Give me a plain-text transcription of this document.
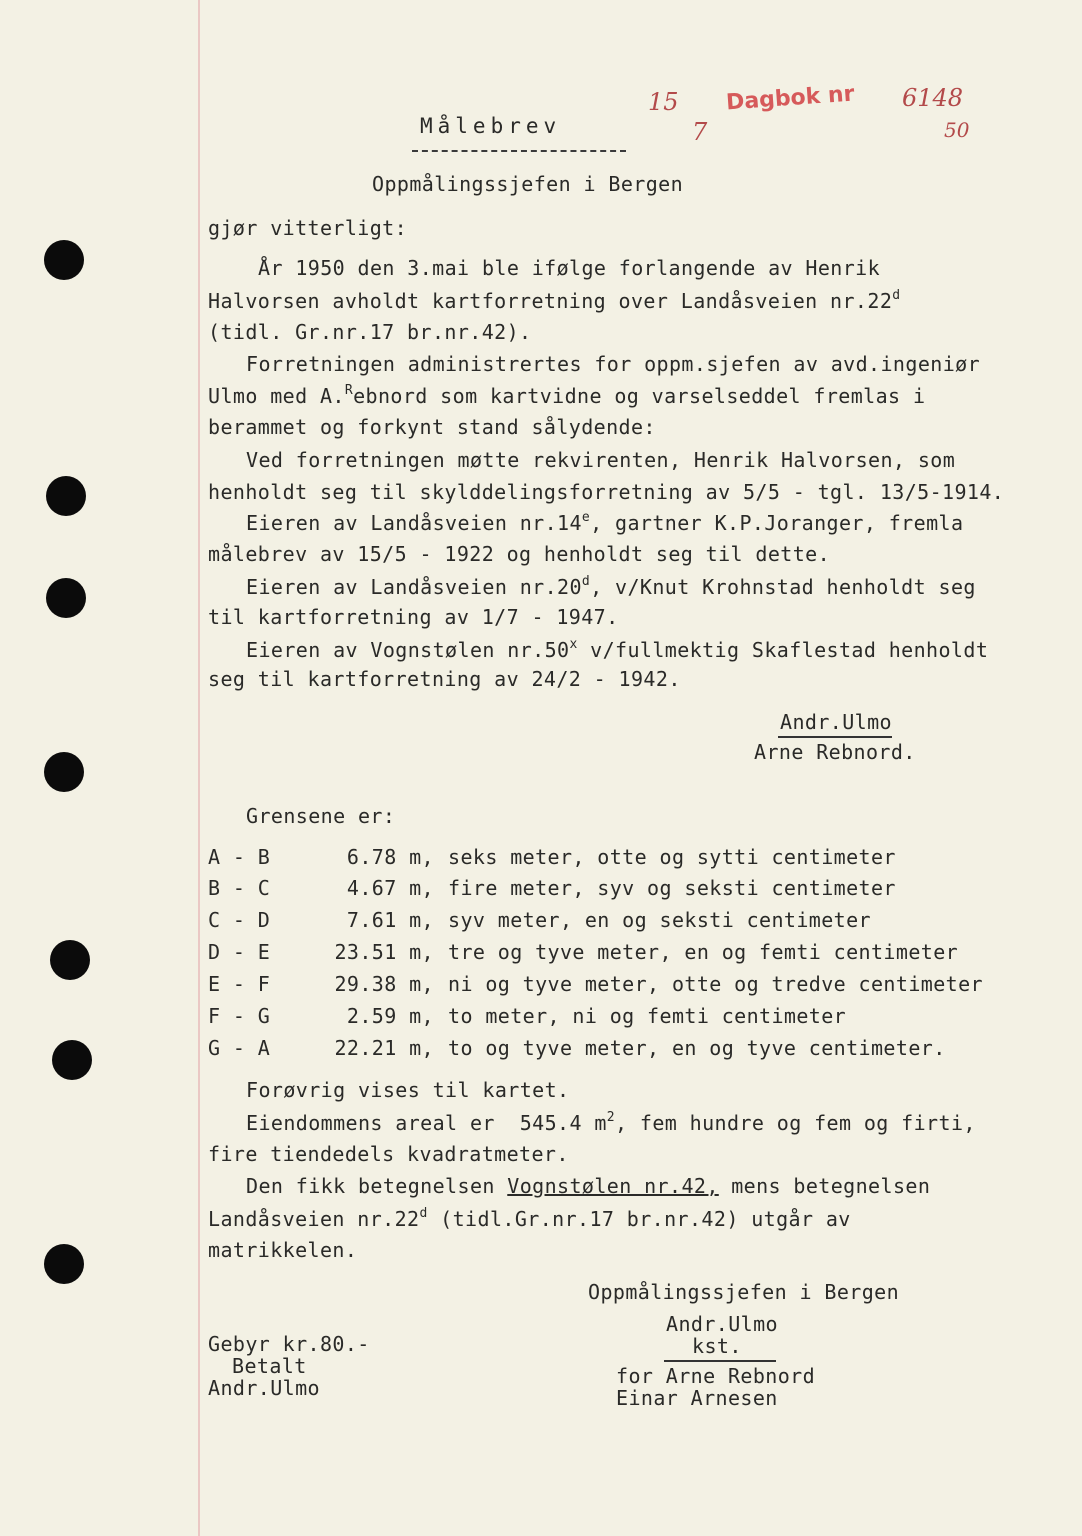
Målebrev
15
7
Dagbok nr 6148
50
Oppmålingssjefen i Bergen
gjør vitterligt:
År 1950 den 3.mai ble ifølge forlangende av Henrik
Halvorsen avholdt kartforretning over Landåsveien nr.22$^d$
(tidl. Gr.nr.17 br.nr.42).
Forretningen administrertes for oppm.sjefen av avd.ingeniør
Ulmo med A.$^R$ebnord som kartvidne og varselseddel fremlas i
berammet og forkynt stand sålydende:
Ved forretningen møtte rekvirenten, Henrik Halvorsen, som
henholdt seg til skylddelingsforretning av 5/5 - tgl. 13/5-1914.
Eieren av Landåsveien nr.14e, gartner K.P.Joranger, fremla
målebrev av 15/5 - 1922 og henholdt seg til dette.
Eieren av Landåsveien nr.20$^d$, v/Knut Krohnstad henholdt seg
til kartforretning av 1/7 - 1947.
Eieren av Vognstølen nr.50$^x$ v/fullmektig Skaflestad henholdt
seg til kartforretning av 24/2 - 1942.
Andr.Ulmo
Arne Rebnord.
Grensene er:
A - B	6.78 m, seks meter, otte og sytti centimeter
B - C	4.67 m, fire meter, syv og seksti centimeter
C - D	7.61 m, syv meter, en og seksti centimeter
D - E	23.51 m, tre og tyve meter, en og femti centimeter
E - F	29.38 m, ni og tyve meter, otte og tredve centimeter
F - G	2.59 m, to meter, ni og femti centimeter
G - A	22.21 m, to og tyve meter, en og tyve centimeter.
Forøvrig vises til kartet.
Eiendommens areal er  545.4 $m^2$, fem hundre og fem og firti,
fire tiendedels kvadratmeter.
Den fikk betegnelsen Vognstølen nr.42, mens betegnelsen
Landåsveien nr.22$^d$ (tidl.Gr.nr.17 br.nr.42) utgår av
matrikkelen.
Oppmålingssjefen i Bergen
Andr.Ulmo
kst.
for Arne Rebnord
Einar Arnesen
Gebyr kr.80.-
Betalt
Andr.Ulmo
